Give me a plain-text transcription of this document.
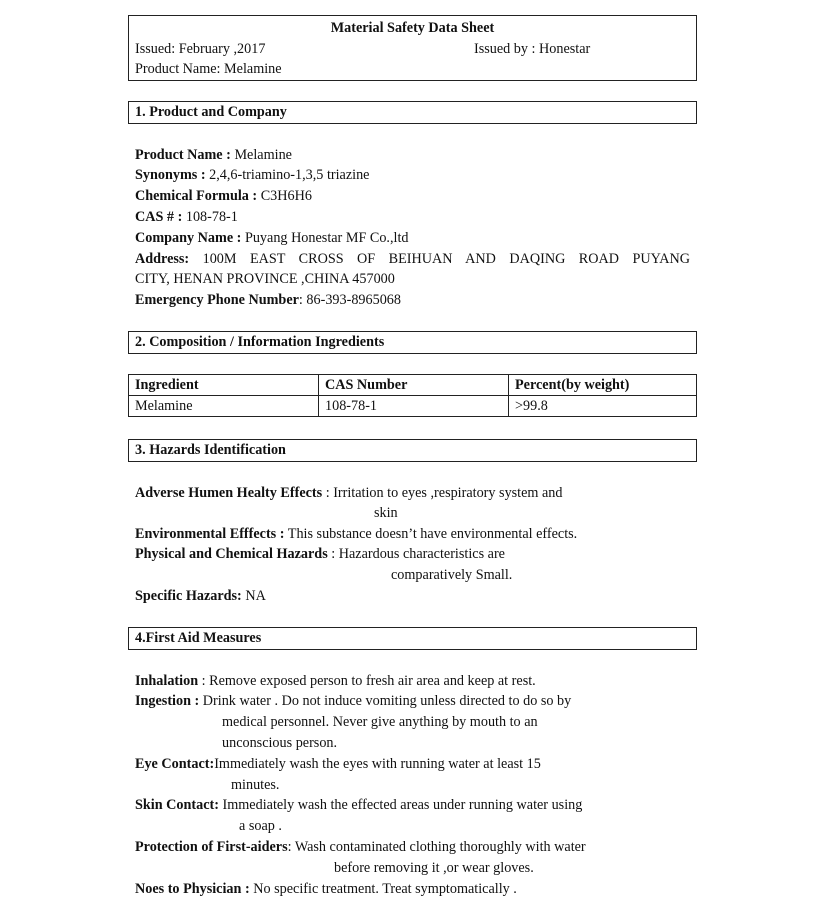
Material Safety Data Sheet
Issued: February ,2017	Issued by : Honestar
Product Name: Melamine
1. Product and Company
Product Name : Melamine
Synonyms : 2,4,6-triamino-1,3,5 triazine
Chemical Formula : C3H6H6
CAS # : 108-78-1
Company Name : Puyang Honestar MF Co.,ltd
Address: 100M EAST CROSS OF BEIHUAN AND DAQING ROAD PUYANG
CITY, HENAN PROVINCE ,CHINA 457000
Emergency Phone Number: 86-393-8965068
2. Composition / Information Ingredients
Ingredient	CAS Number	Percent(by weight)
Melamine	108-78-1	>99.8
3. Hazards Identification
Adverse Humen Healty Effects : Irritation to eyes ,respiratory system and
skin
Environmental Efffects : This substance doesn’t have environmental effects.
Physical and Chemical Hazards : Hazardous characteristics are
comparatively Small.
Specific Hazards: NA
4.First Aid Measures
Inhalation : Remove exposed person to fresh air area and keep at rest.
Ingestion : Drink water . Do not induce vomiting unless directed to do so by
medical personnel. Never give anything by mouth to an
unconscious person.
Eye Contact:Immediately wash the eyes with running water at least 15
minutes.
Skin Contact: Immediately wash the effected areas under running water using
a soap .
Protection of First-aiders: Wash contaminated clothing thoroughly with water
before removing it ,or wear gloves.
Noes to Physician : No specific treatment. Treat symptomatically .
